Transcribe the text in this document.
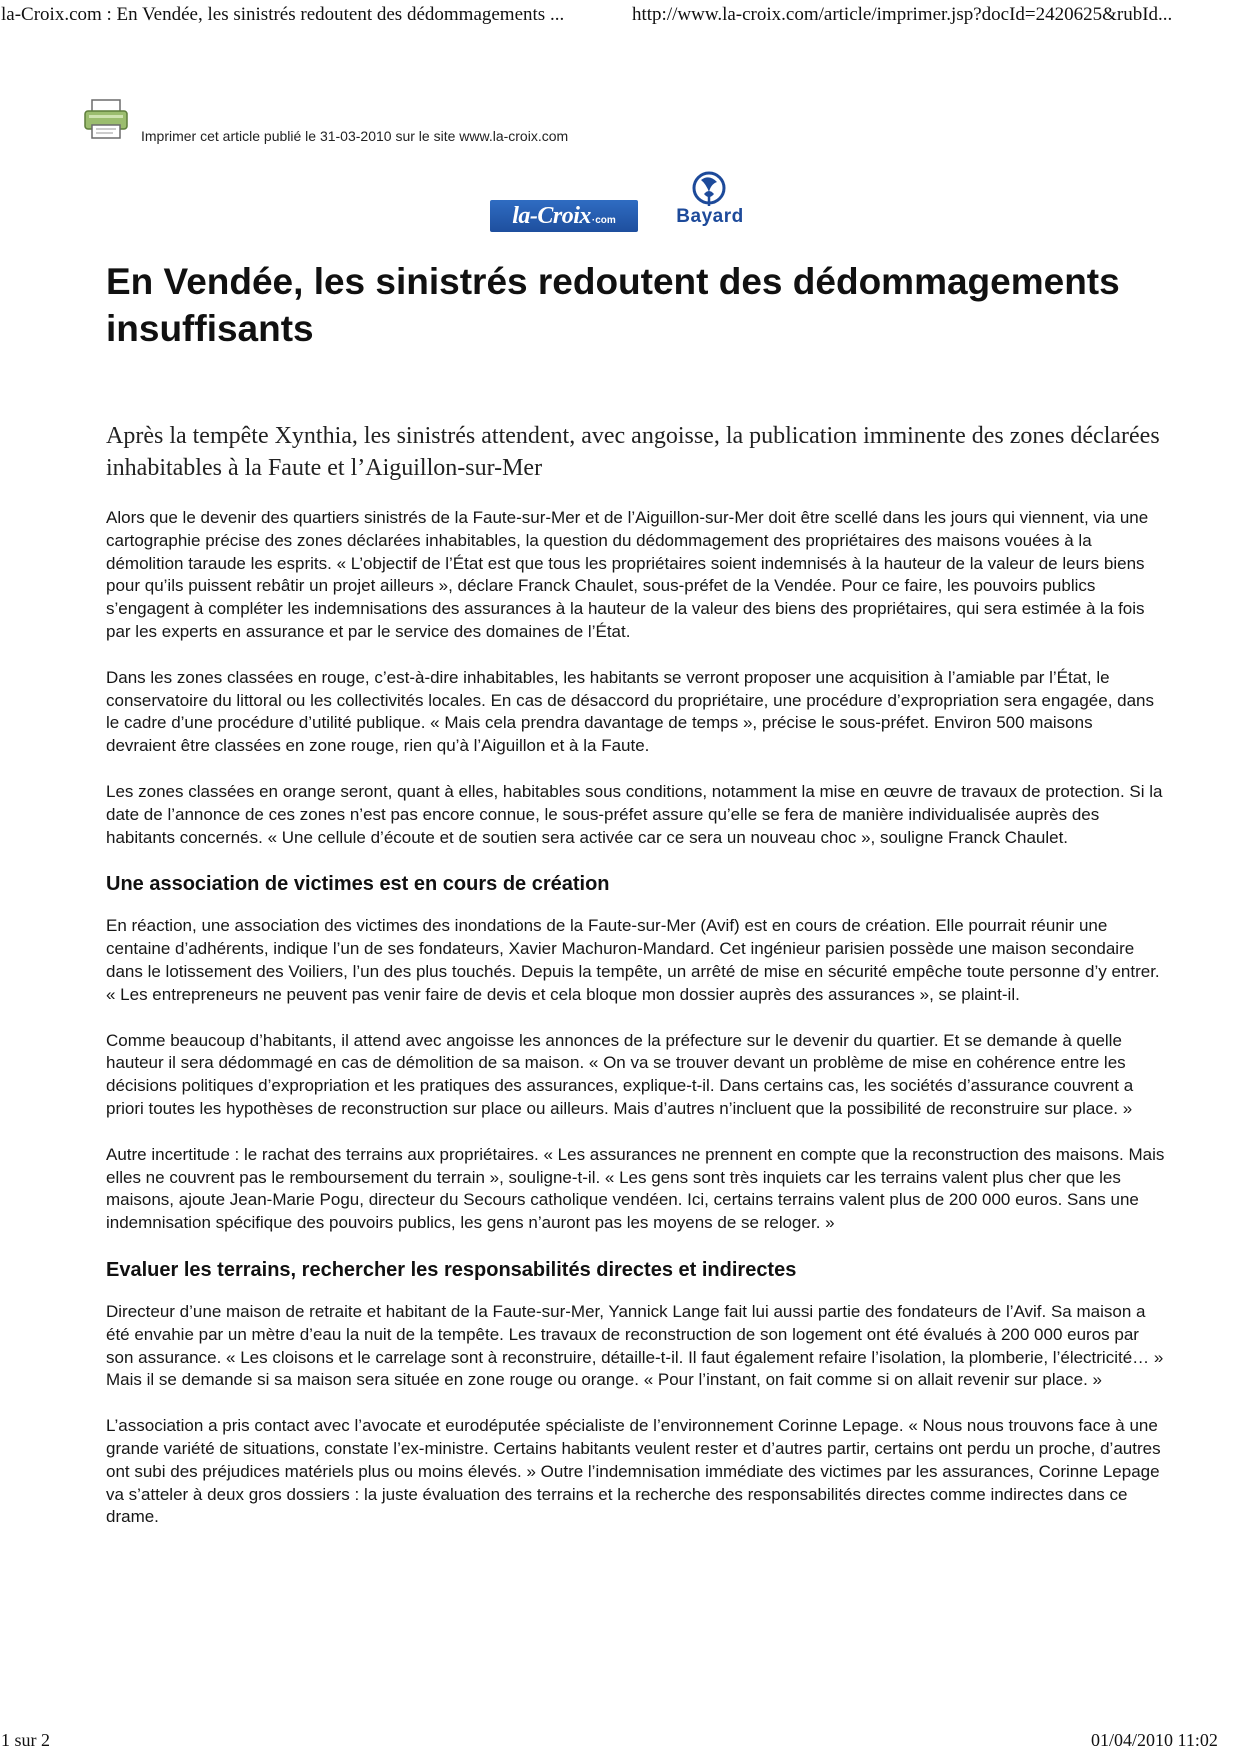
la-Croix.com : En Vendée, les sinistrés redoutent des dédommagements ...	http://www.la-croix.com/article/imprimer.jsp?docId=2420625&rubId...
Imprimer cet article publié le 31-03-2010 sur le site www.la-croix.com
la-Croix ·com	Bayard
En Vendée, les sinistrés redoutent des dédommagements insuffisants

Après la tempête Xynthia, les sinistrés attendent, avec angoisse, la publication imminente des zones déclarées inhabitables à la Faute et l’Aiguillon-sur-Mer

Alors que le devenir des quartiers sinistrés de la Faute-sur-Mer et de l’Aiguillon-sur-Mer doit être scellé dans les jours qui viennent, via une cartographie précise des zones déclarées inhabitables, la question du dédommagement des propriétaires des maisons vouées à la démolition taraude les esprits. « L’objectif de l’État est que tous les propriétaires soient indemnisés à la hauteur de la valeur de leurs biens pour qu’ils puissent rebâtir un projet ailleurs », déclare Franck Chaulet, sous-préfet de la Vendée. Pour ce faire, les pouvoirs publics s’engagent à compléter les indemnisations des assurances à la hauteur de la valeur des biens des propriétaires, qui sera estimée à la fois par les experts en assurance et par le service des domaines de l’État.

Dans les zones classées en rouge, c’est-à-dire inhabitables, les habitants se verront proposer une acquisition à l’amiable par l’État, le conservatoire du littoral ou les collectivités locales. En cas de désaccord du propriétaire, une procédure d’expropriation sera engagée, dans le cadre d’une procédure d’utilité publique. « Mais cela prendra davantage de temps », précise le sous-préfet. Environ 500 maisons devraient être classées en zone rouge, rien qu’à l’Aiguillon et à la Faute.

Les zones classées en orange seront, quant à elles, habitables sous conditions, notamment la mise en œuvre de travaux de protection. Si la date de l’annonce de ces zones n’est pas encore connue, le sous-préfet assure qu’elle se fera de manière individualisée auprès des habitants concernés. « Une cellule d’écoute et de soutien sera activée car ce sera un nouveau choc », souligne Franck Chaulet.

Une association de victimes est en cours de création

En réaction, une association des victimes des inondations de la Faute-sur-Mer (Avif) est en cours de création. Elle pourrait réunir une centaine d’adhérents, indique l’un de ses fondateurs, Xavier Machuron-Mandard. Cet ingénieur parisien possède une maison secondaire dans le lotissement des Voiliers, l’un des plus touchés. Depuis la tempête, un arrêté de mise en sécurité empêche toute personne d’y entrer. « Les entrepreneurs ne peuvent pas venir faire de devis et cela bloque mon dossier auprès des assurances », se plaint-il.

Comme beaucoup d’habitants, il attend avec angoisse les annonces de la préfecture sur le devenir du quartier. Et se demande à quelle hauteur il sera dédommagé en cas de démolition de sa maison. « On va se trouver devant un problème de mise en cohérence entre les décisions politiques d’expropriation et les pratiques des assurances, explique-t-il. Dans certains cas, les sociétés d’assurance couvrent a priori toutes les hypothèses de reconstruction sur place ou ailleurs. Mais d’autres n’incluent que la possibilité de reconstruire sur place. »

Autre incertitude : le rachat des terrains aux propriétaires. « Les assurances ne prennent en compte que la reconstruction des maisons. Mais elles ne couvrent pas le remboursement du terrain », souligne-t-il. « Les gens sont très inquiets car les terrains valent plus cher que les maisons, ajoute Jean-Marie Pogu, directeur du Secours catholique vendéen. Ici, certains terrains valent plus de 200 000 euros. Sans une indemnisation spécifique des pouvoirs publics, les gens n’auront pas les moyens de se reloger. »

Evaluer les terrains, rechercher les responsabilités directes et indirectes

Directeur d’une maison de retraite et habitant de la Faute-sur-Mer, Yannick Lange fait lui aussi partie des fondateurs de l’Avif. Sa maison a été envahie par un mètre d’eau la nuit de la tempête. Les travaux de reconstruction de son logement ont été évalués à 200 000 euros par son assurance. « Les cloisons et le carrelage sont à reconstruire, détaille-t-il. Il faut également refaire l’isolation, la plomberie, l’électricité… » Mais il se demande si sa maison sera située en zone rouge ou orange. « Pour l’instant, on fait comme si on allait revenir sur place. »

L’association a pris contact avec l’avocate et eurodéputée spécialiste de l’environnement Corinne Lepage. « Nous nous trouvons face à une grande variété de situations, constate l’ex-ministre. Certains habitants veulent rester et d’autres partir, certains ont perdu un proche, d’autres ont subi des préjudices matériels plus ou moins élevés. » Outre l’indemnisation immédiate des victimes par les assurances, Corinne Lepage va s’atteler à deux gros dossiers : la juste évaluation des terrains et la recherche des responsabilités directes comme indirectes dans ce drame.

1 sur 2	01/04/2010 11:02
